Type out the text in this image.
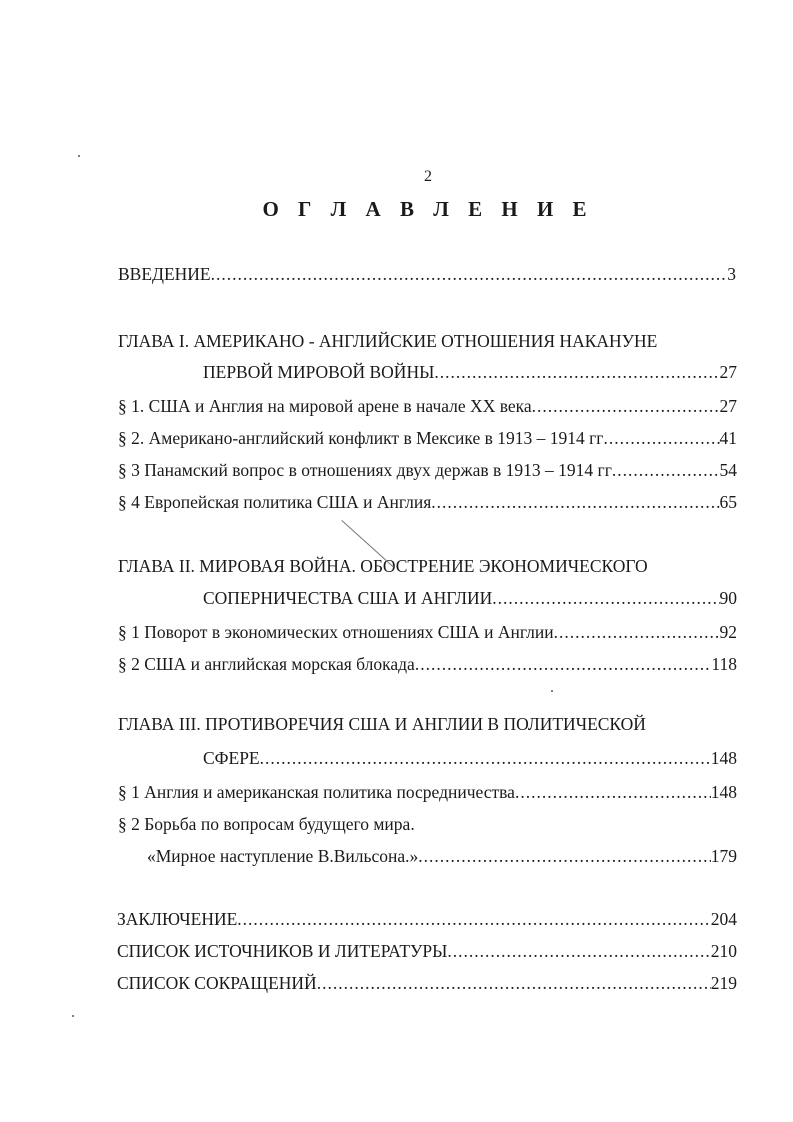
2
О Г Л А В Л Е Н И Е
ВВЕДЕНИЕ .....	3
ГЛАВА I. АМЕРИКАНО - АНГЛИЙСКИЕ ОТНОШЕНИЯ НАКАНУНЕ
ПЕРВОЙ МИРОВОЙ ВОЙНЫ .....	27
§ 1. США и Англия на мировой арене в начале XX века .....	27
§ 2. Американо-английский конфликт в Мексике в 1913 – 1914 гг .....	41
§ 3 Панамский вопрос в отношениях двух держав в 1913 – 1914 гг .....	54
§ 4 Европейская политика США и Англия .....	65
ГЛАВА II. МИРОВАЯ ВОЙНА. ОБОСТРЕНИЕ ЭКОНОМИЧЕСКОГО
СОПЕРНИЧЕСТВА США И АНГЛИИ .....	90
§ 1 Поворот в экономических отношениях США и Англии .....	92
§ 2 США и английская морская блокада .....	118
ГЛАВА III. ПРОТИВОРЕЧИЯ США И АНГЛИИ В ПОЛИТИЧЕСКОЙ
СФЕРЕ .....	148
§ 1 Англия и американская политика посредничества .....	148
§ 2 Борьба по вопросам будущего мира.
«Мирное наступление В.Вильсона.» .....	179
ЗАКЛЮЧЕНИЕ .....	204
СПИСОК ИСТОЧНИКОВ И ЛИТЕРАТУРЫ .....	210
СПИСОК СОКРАЩЕНИЙ .....	219
